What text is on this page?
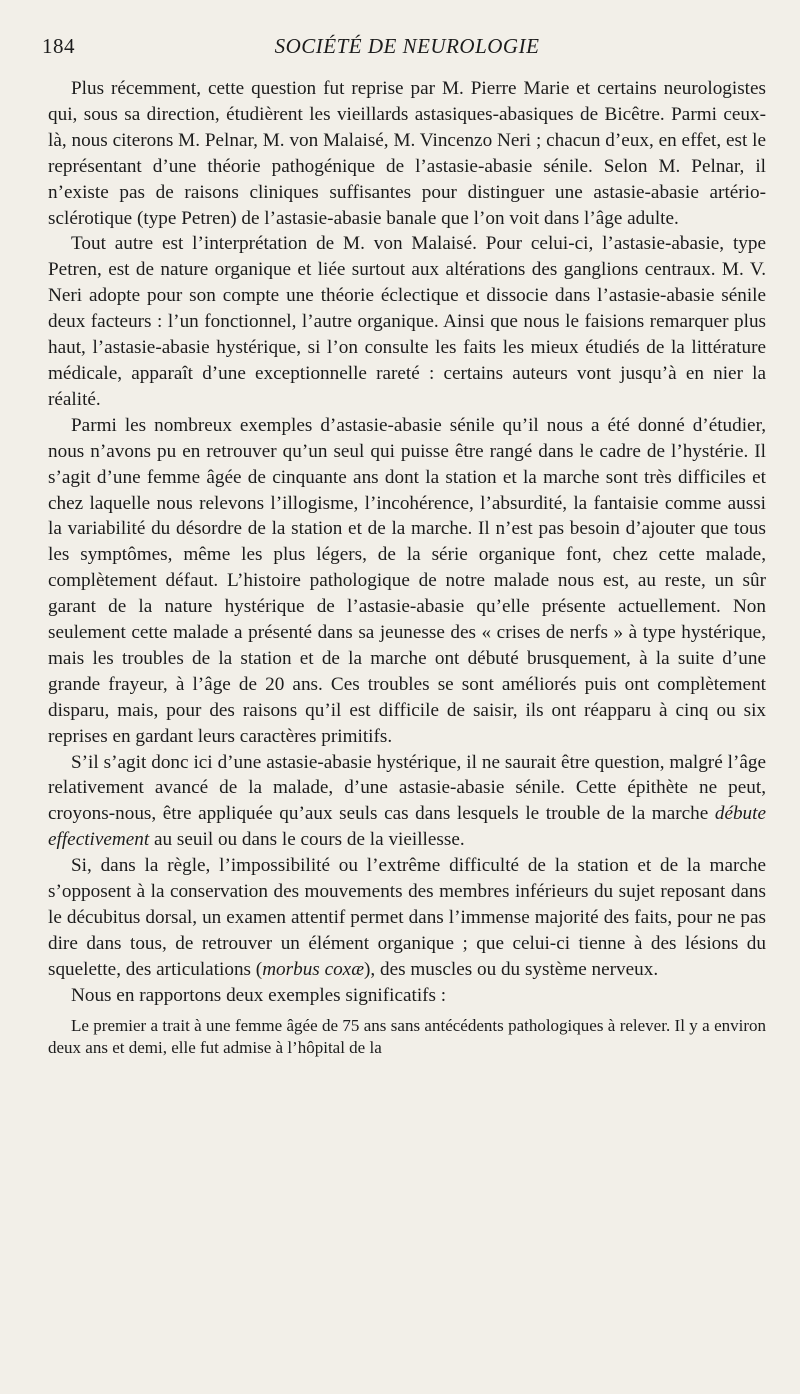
184	SOCIÉTÉ DE NEUROLOGIE

Plus récemment, cette question fut reprise par M. Pierre Marie et certains neurologistes qui, sous sa direction, étudièrent les vieillards astasiques-abasiques de Bicêtre. Parmi ceux-là, nous citerons M. Pelnar, M. von Malaisé, M. Vincenzo Neri ; chacun d’eux, en effet, est le représentant d’une théorie pathogénique de l’astasie-abasie sénile. Selon M. Pelnar, il n’existe pas de raisons cliniques suffisantes pour distinguer une astasie-abasie artério-sclérotique (type Petren) de l’astasie-abasie banale que l’on voit dans l’âge adulte.

Tout autre est l’interprétation de M. von Malaisé. Pour celui-ci, l’astasie-abasie, type Petren, est de nature organique et liée surtout aux altérations des ganglions centraux. M. V. Neri adopte pour son compte une théorie éclectique et dissocie dans l’astasie-abasie sénile deux facteurs : l’un fonctionnel, l’autre organique. Ainsi que nous le faisions remarquer plus haut, l’astasie-abasie hystérique, si l’on consulte les faits les mieux étudiés de la littérature médicale, apparaît d’une exceptionnelle rareté : certains auteurs vont jusqu’à en nier la réalité.

Parmi les nombreux exemples d’astasie-abasie sénile qu’il nous a été donné d’étudier, nous n’avons pu en retrouver qu’un seul qui puisse être rangé dans le cadre de l’hystérie. Il s’agit d’une femme âgée de cinquante ans dont la station et la marche sont très difficiles et chez laquelle nous relevons l’illogisme, l’incohérence, l’absurdité, la fantaisie comme aussi la variabilité du désordre de la station et de la marche. Il n’est pas besoin d’ajouter que tous les symptômes, même les plus légers, de la série organique font, chez cette malade, complètement défaut. L’histoire pathologique de notre malade nous est, au reste, un sûr garant de la nature hystérique de l’astasie-abasie qu’elle présente actuellement. Non seulement cette malade a présenté dans sa jeunesse des « crises de nerfs » à type hystérique, mais les troubles de la station et de la marche ont débuté brusquement, à la suite d’une grande frayeur, à l’âge de 20 ans. Ces troubles se sont améliorés puis ont complètement disparu, mais, pour des raisons qu’il est difficile de saisir, ils ont réapparu à cinq ou six reprises en gardant leurs caractères primitifs.

S’il s’agit donc ici d’une astasie-abasie hystérique, il ne saurait être question, malgré l’âge relativement avancé de la malade, d’une astasie-abasie sénile. Cette épithète ne peut, croyons-nous, être appliquée qu’aux seuls cas dans lesquels le trouble de la marche débute effectivement au seuil ou dans le cours de la vieillesse.

Si, dans la règle, l’impossibilité ou l’extrême difficulté de la station et de la marche s’opposent à la conservation des mouvements des membres inférieurs du sujet reposant dans le décubitus dorsal, un examen attentif permet dans l’immense majorité des faits, pour ne pas dire dans tous, de retrouver un élément organique ; que celui-ci tienne à des lésions du squelette, des articulations (morbus coxæ), des muscles ou du système nerveux.

Nous en rapportons deux exemples significatifs :

Le premier a trait à une femme âgée de 75 ans sans antécédents pathologiques à relever. Il y a environ deux ans et demi, elle fut admise à l’hôpital de la
